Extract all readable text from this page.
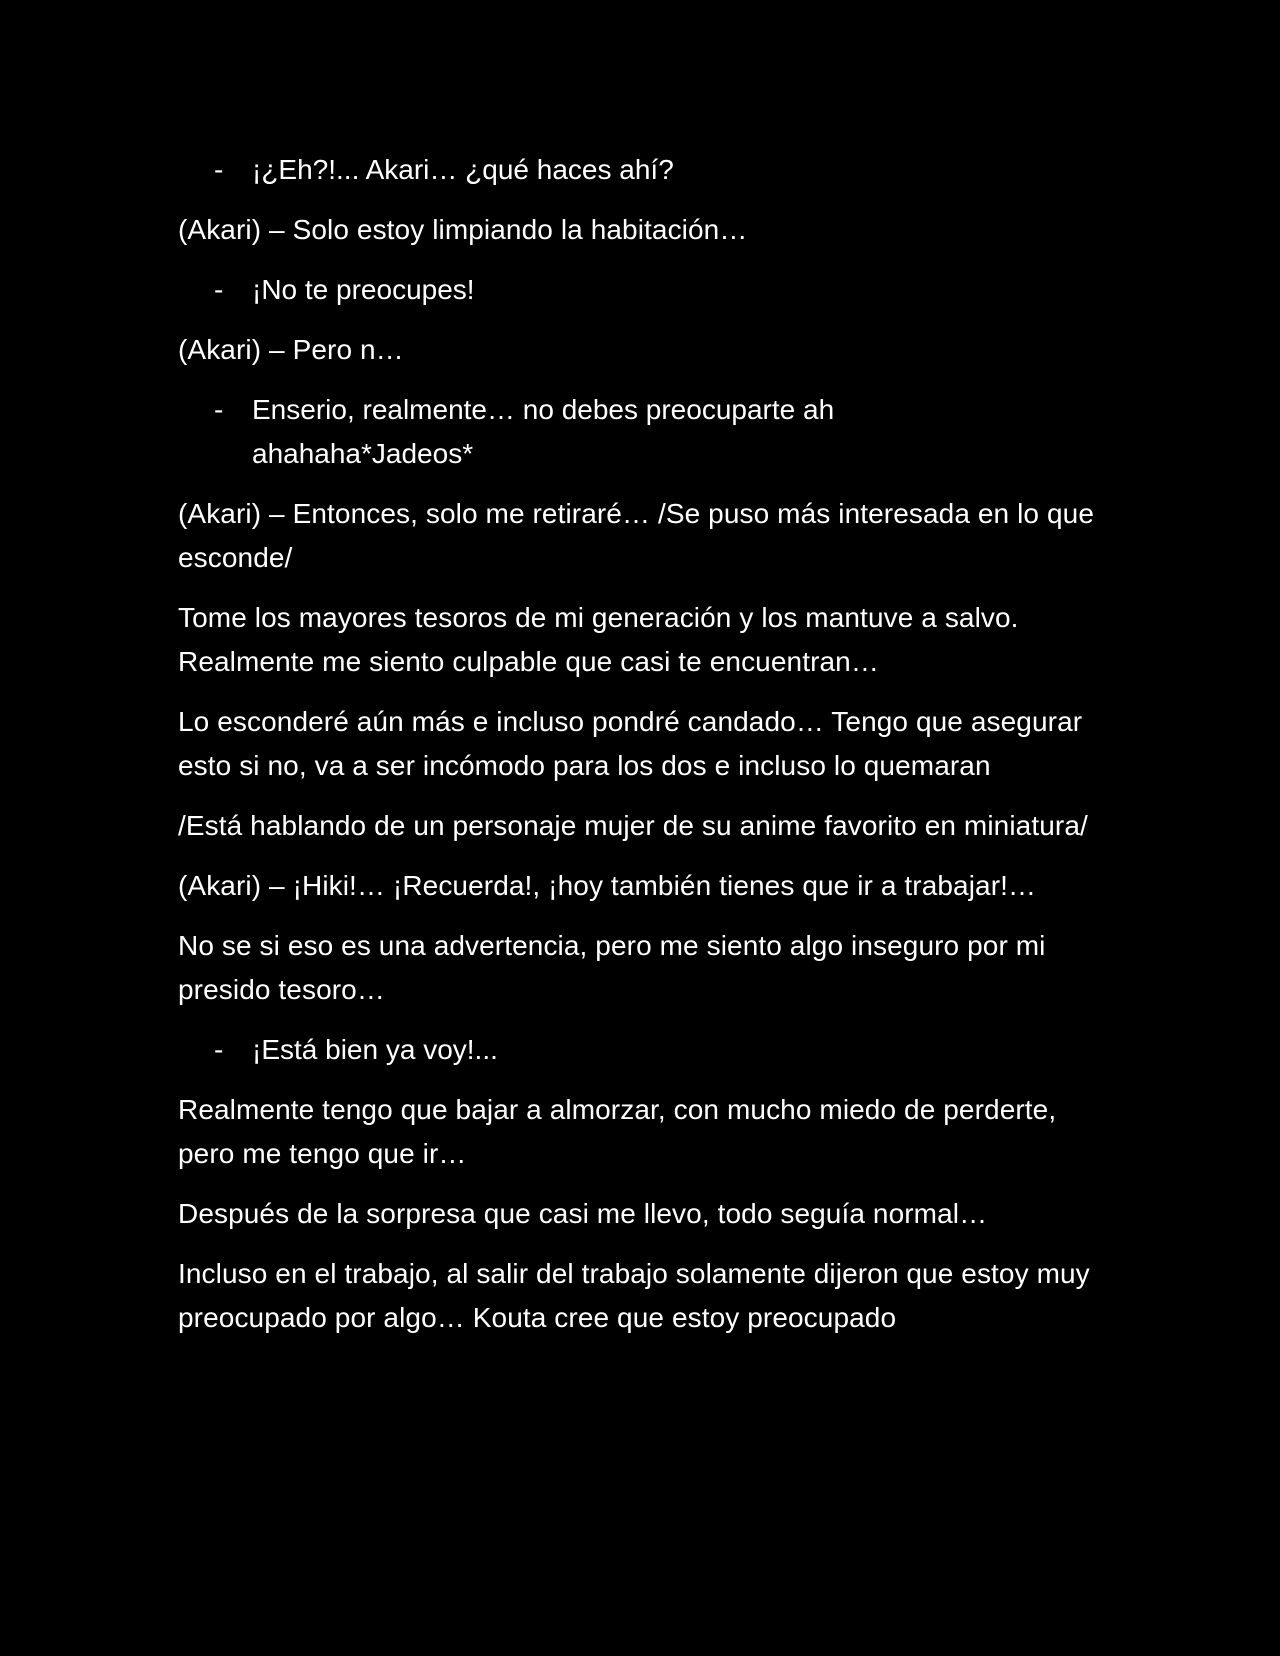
-	¡¿Eh?!... Akari… ¿qué haces ahí?

(Akari) – Solo estoy limpiando la habitación…

-	¡No te preocupes!

(Akari) – Pero n…

-	Enserio, realmente… no debes preocuparte ah ahahaha*Jadeos*

(Akari) – Entonces, solo me retiraré… /Se puso más interesada en lo que esconde/

Tome los mayores tesoros de mi generación y los mantuve a salvo. Realmente me siento culpable que casi te encuentran…

Lo esconderé aún más e incluso pondré candado… Tengo que asegurar esto si no, va a ser incómodo para los dos e incluso lo quemaran

/Está hablando de un personaje mujer de su anime favorito en miniatura/

(Akari) – ¡Hiki!… ¡Recuerda!, ¡hoy también tienes que ir a trabajar!…

No se si eso es una advertencia, pero me siento algo inseguro por mi presido tesoro…

-	¡Está bien ya voy!...

Realmente tengo que bajar a almorzar, con mucho miedo de perderte, pero me tengo que ir…

Después de la sorpresa que casi me llevo, todo seguía normal…

Incluso en el trabajo, al salir del trabajo solamente dijeron que estoy muy preocupado por algo… Kouta cree que estoy preocupado
